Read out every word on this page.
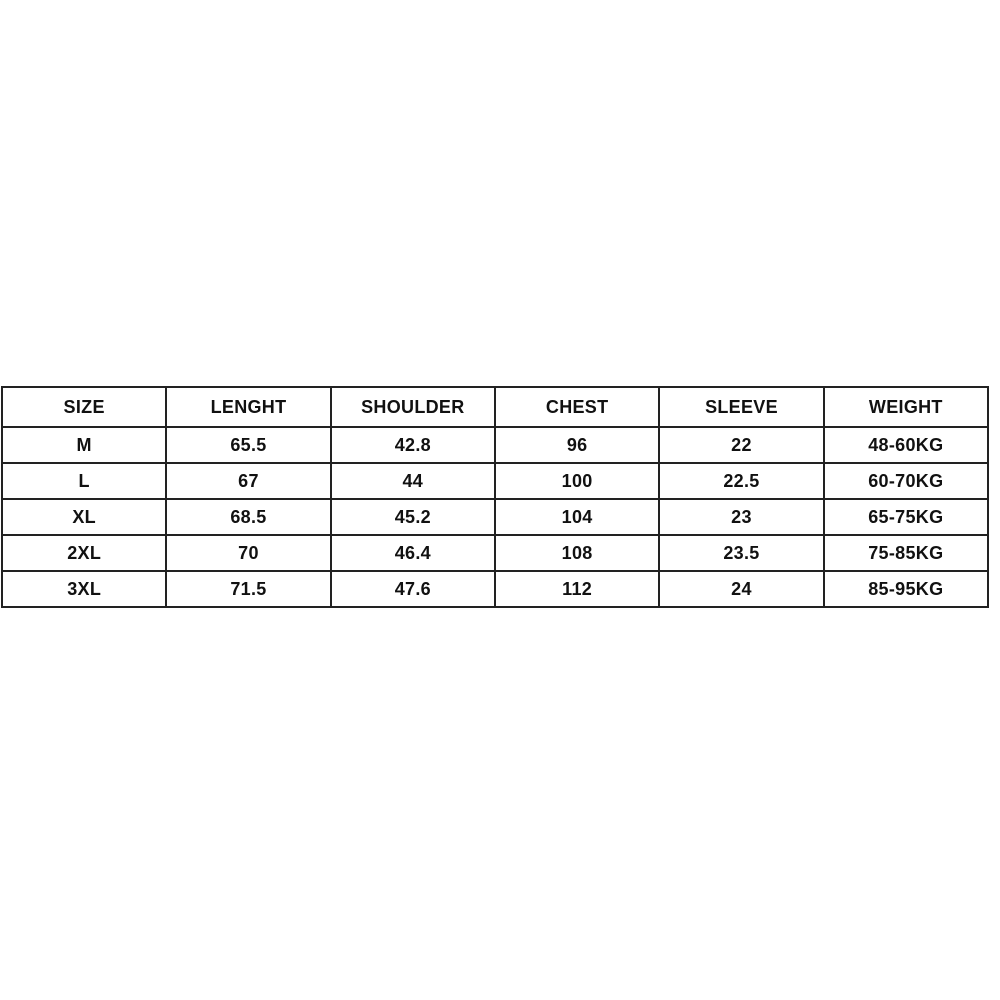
SIZE	LENGHT	SHOULDER	CHEST	SLEEVE	WEIGHT
M	65.5	42.8	96	22	48-60KG
L	67	44	100	22.5	60-70KG
XL	68.5	45.2	104	23	65-75KG
2XL	70	46.4	108	23.5	75-85KG
3XL	71.5	47.6	112	24	85-95KG
